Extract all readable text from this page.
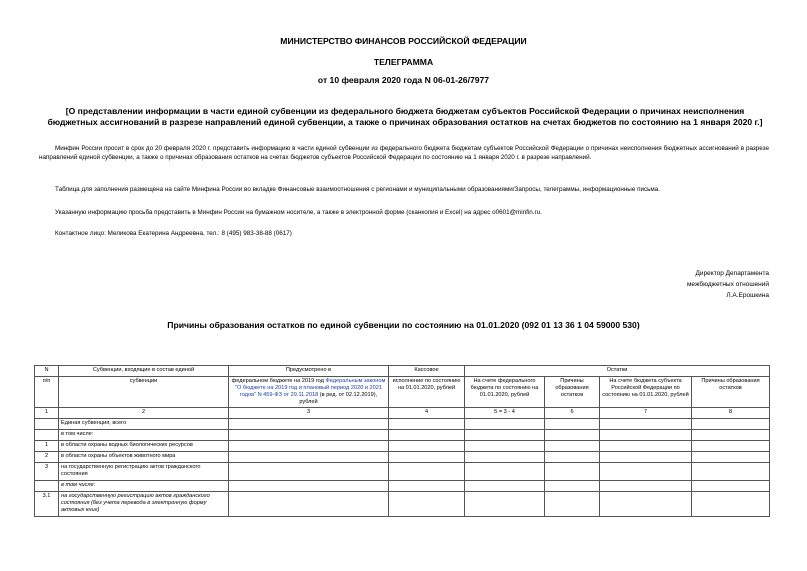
МИНИСТЕРСТВО ФИНАНСОВ РОССИЙСКОЙ ФЕДЕРАЦИИ
ТЕЛЕГРАММА
от 10 февраля 2020 года N 06-01-26/7977
[О представлении информации в части единой субвенции из федерального бюджета бюджетам субъектов Российской Федерации о причинах неисполнения бюджетных ассигнований в разрезе направлений единой субвенции, а также о причинах образования остатков на счетах бюджетов по состоянию на 1 января 2020 г.]
Минфин России просит в срок до 20 февраля 2020 г. представить информацию в части единой субвенции из федерального бюджета бюджетам субъектов Российской Федерации о причинах неисполнения бюджетных ассигнований в разрезе направлений единой субвенции, а также о причинах образования остатков на счетах бюджетов субъектов Российской Федерации по состоянию на 1 января 2020 г. в разрезе направлений.
Таблица для заполнения размещена на сайте Минфина России во вкладке Финансовые взаимоотношения с регионами и муниципальными образованиями/Запросы, телеграммы, информационные письма.
Указанную информацию просьба представить в Минфин России на бумажном носителе, а также в электронной форме (сканкопия и Excel) на адрес o0601@minfin.ru.
Контактное лицо: Меликова Екатерина Андреевна, тел.: 8 (495) 983-38-88 (0617)
Директор Департамента
межбюджетных отношений
Л.А.Ерошкина
Причины образования остатков по единой субвенции по состоянию на 01.01.2020 (092 01 13 36 1 04 59000 530)
N	Субвенции, входящие в состав единой	Предусмотрено в	Кассовое	Остатки			
п/п	субвенции	федеральном бюджете на 2019 год Федеральным законом "О бюджете на 2019 год и плановый период 2020 и 2021 годов" N 459-ФЗ от 29.11.2018 (в ред. от 02.12.2019), рублей	исполнение по состоянию на 01.01.2020, рублей	На счете федерального бюджета по состоянию на 01.01.2020, рублей	Причины образования остатков	На счете бюджета субъекта Российской Федерации по состоянию на 01.01.2020, рублей	Причины образования остатков
1	2	3	4	5 = 3 - 4	6	7	8
	Единая субвенция, всего						
	в том числе:						
1	в области охраны водных биологических ресурсов						
2	в области охраны объектов животного мира						
3	на государственную регистрацию актов гражданского состояния						
	в том числе:						
3.1	на государственную регистрацию актов гражданского состояния (без учета перевода в электронную форму актовых книг)						
